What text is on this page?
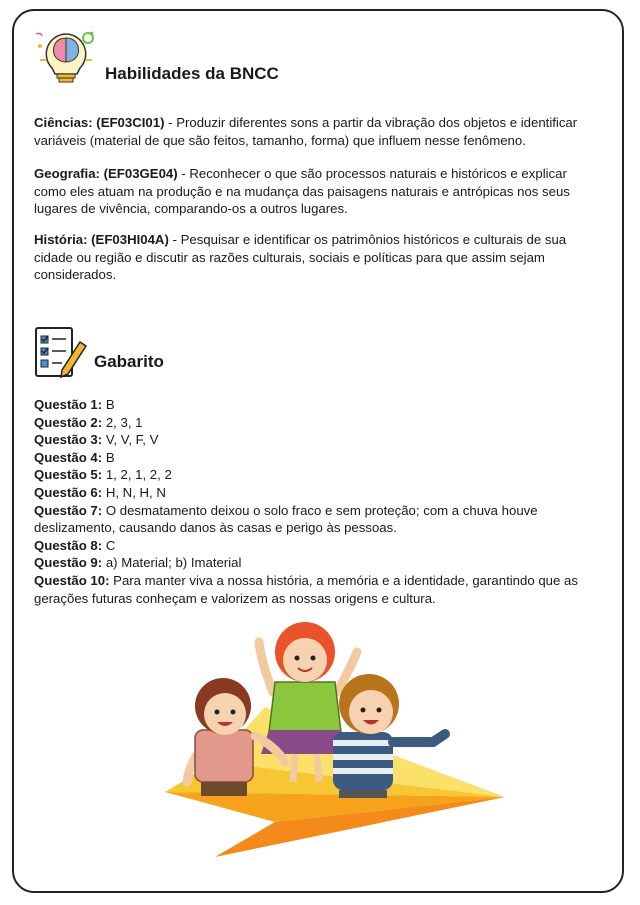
Habilidades da BNCC
Ciências: (EF03CI01) - Produzir diferentes sons a partir da vibração dos objetos e identificar variáveis (material de que são feitos, tamanho, forma) que influem nesse fenômeno.
Geografia: (EF03GE04) - Reconhecer o que são processos naturais e históricos e explicar como eles atuam na produção e na mudança das paisagens naturais e antrópicas nos seus lugares de vivência, comparando-os a outros lugares.
História: (EF03HI04A) - Pesquisar e identificar os patrimônios históricos e culturais de sua cidade ou região e discutir as razões culturais, sociais e políticas para que assim sejam considerados.
Gabarito
Questão 1: B
Questão 2: 2, 3, 1
Questão 3: V, V, F, V
Questão 4: B
Questão 5: 1, 2, 1, 2, 2
Questão 6: H, N, H, N
Questão 7: O desmatamento deixou o solo fraco e sem proteção; com a chuva houve deslizamento, causando danos às casas e perigo às pessoas.
Questão 8: C
Questão 9: a) Material; b) Imaterial
Questão 10: Para manter viva a nossa história, a memória e a identidade, garantindo que as gerações futuras conheçam e valorizem as nossas origens e cultura.
